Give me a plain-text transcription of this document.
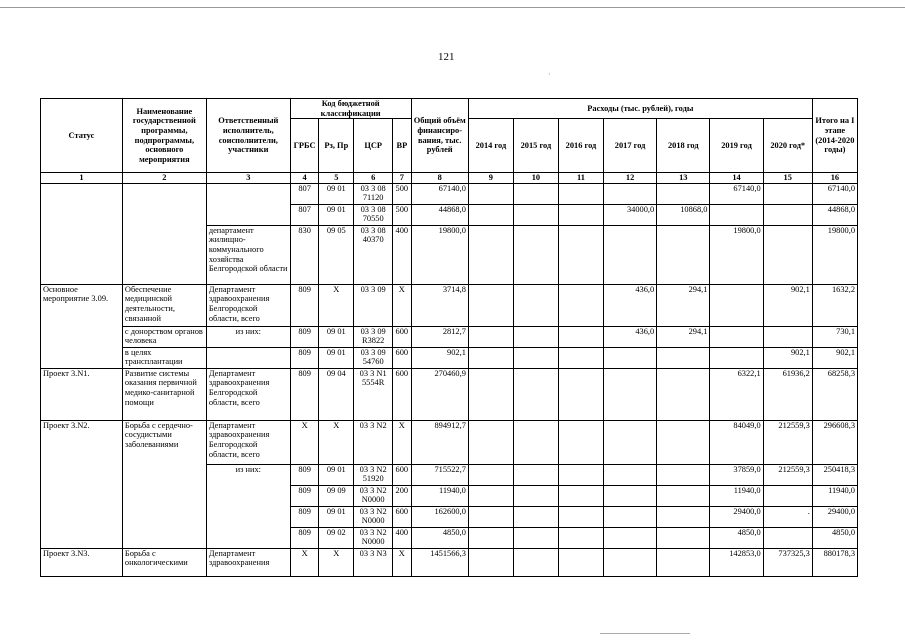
121
·
Статус	Наименование государственной программы, подпрограммы, основного мероприятия	Ответственный исполнитель, соисполнители, участники	Код бюджетной классификации				Общий объём финансиро-вания, тыс. рублей	Расходы (тыс. рублей), годы							Итого на I этапе (2014-2020 годы)
			ГРБС	Рз, Пр	ЦСР	ВР		2014 год	2015 год	2016 год	2017 год	2018 год	2019 год	2020 год*	
1	2	3	4	5	6	7	8	9	10	11	12	13	14	15	16
			807	09 01	03 3 08 71120	500	67140,0						67140,0		67140,0
			807	09 01	03 3 08 70550	500	44868,0				34000,0	10868,0			44868,0
		департамент жилищно-коммунального хозяйства Белгородской области	830	09 05	03 3 08 40370	400	19800,0						19800,0		19800,0
Основное мероприятие 3.09.	Обеспечение медицинской деятельности, связанной	Департамент здравоохранения Белгородской области, всего	809	Х	03 3 09	Х	3714,8				436,0	294,1		902,1	1632,2
	с донорством органов человека	из них:	809	09 01	03 3 09 R3822	600	2812,7				436,0	294,1			730,1
	в целях трансплантации		809	09 01	03 3 09 54760	600	902,1							902,1	902,1
Проект 3.N1.	Развитие системы оказания первичной медико-санитарной помощи	Департамент здравоохранения Белгородской области, всего	809	09 04	03 3 N1 5554R	600	270460,9						6322,1	61936,2	68258,3
Проект 3.N2.	Борьба с сердечно-сосудистыми заболеваниями	Департамент здравоохранения Белгородской области, всего	Х	Х	03 3 N2	Х	894912,7						84049,0	212559,3	296608,3
		из них:	809	09 01	03 3 N2 51920	600	715522,7						37859,0	212559,3	250418,3
			809	09 09	03 3 N2 N0000	200	11940,0						11940,0		11940,0
			809	09 01	03 3 N2 N0000	600	162600,0						29400,0	.	29400,0
			809	09 02	03 3 N2 N0000	400	4850,0						4850,0		4850,0
Проект 3.N3.	Борьба с онкологическими	Департамент здравоохранения	Х	Х	03 3 N3	Х	1451566,3						142853,0	737325,3	880178,3
